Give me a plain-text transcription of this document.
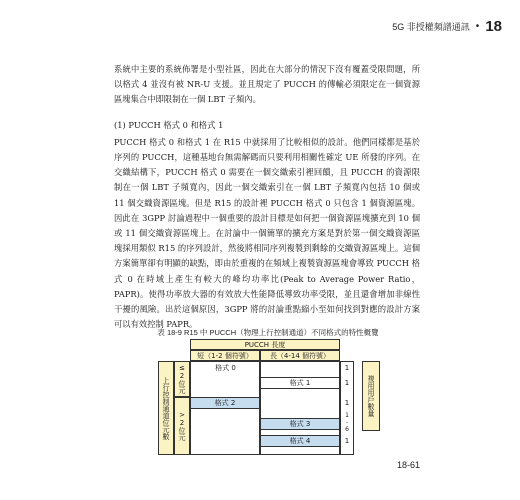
5G 非授權頻譜通訊 • 18

系統中主要的系統佈署是小型社區，因此在大部分的情況下沒有覆蓋受限問題，所以格式 4 並沒有被 NR-U 支援。並且規定了 PUCCH 的傳輸必須限定在一個資源區塊集合中即限制在一個 LBT 子頻內。

(1) PUCCH 格式 0 和格式 1

PUCCH 格式 0 和格式 1 在 R15 中就採用了比較相似的設計。他們同樣都是基於序列的 PUCCH，這種基地台無需解碼而只要利用相關性確定 UE 所發的序列。在交織結構下，PUCCH 格式 0 需要在一個交織索引裡回饋，且 PUCCH 的資源限制在一個 LBT 子頻寬內，因此一個交織索引在一個 LBT 子頻寬內包括 10 個或 11 個交織資源區塊。但是 R15 的設計裡 PUCCH 格式 0 只包含 1 個資源區塊。因此在 3GPP 討論過程中一個重要的設計目標是如何把一個資源區塊擴充到 10 個或 11 個交織資源區塊上。在討論中一個簡單的擴充方案是對於第一個交織資源區塊採用類似 R15 的序列設計，然後將相同序列複製到剩餘的交織資源區塊上。這個方案簡單卻有明顯的缺點，即由於重複的在頻域上複製資源區塊會導致 PUCCH 格式 0 在時域上產生有較大的峰均功率比(Peak to Average Power Ratio，PAPR)。使得功率放大器的有效放大性能降低導致功率受限，並且還會增加非線性干擾的風險。出於這個原因，3GPP 將的討論重點縮小至如何找到對應的設計方案可以有效控制 PAPR。

表 18-9 R15 中 PUCCH（物理上行控制通道）不同格式的特性概覽
上行控制通道位元數	≤2位元
>2位元
PUCCH 長度
短（1-2 個符號）	長（4-14 個符號）
格式 0
格式 1
格式 2
格式 3
格式 4
1
1
1
1-6
1
複用用戶數量
18-61
